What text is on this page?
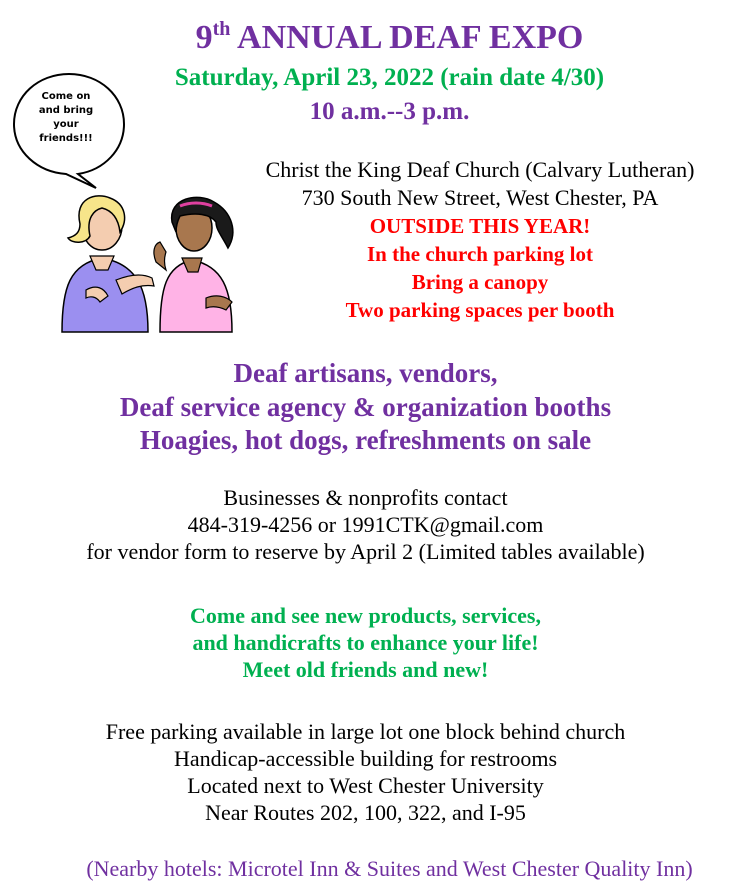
9th ANNUAL DEAF EXPO
Saturday, April 23, 2022 (rain date 4/30)
10 a.m.--3 p.m.
Come on
and bring
your
friends!!!
Christ the King Deaf Church (Calvary Lutheran)
730 South New Street, West Chester, PA
OUTSIDE THIS YEAR!
In the church parking lot
Bring a canopy
Two parking spaces per booth
Deaf artisans, vendors,
Deaf service agency & organization booths
Hoagies, hot dogs, refreshments on sale
Businesses & nonprofits contact
484-319-4256 or 1991CTK@gmail.com
for vendor form to reserve by April 2 (Limited tables available)
Come and see new products, services,
and handicrafts to enhance your life!
Meet old friends and new!
Free parking available in large lot one block behind church
Handicap-accessible building for restrooms
Located next to West Chester University
Near Routes 202, 100, 322, and I-95
(Nearby hotels: Microtel Inn & Suites and West Chester Quality Inn)
